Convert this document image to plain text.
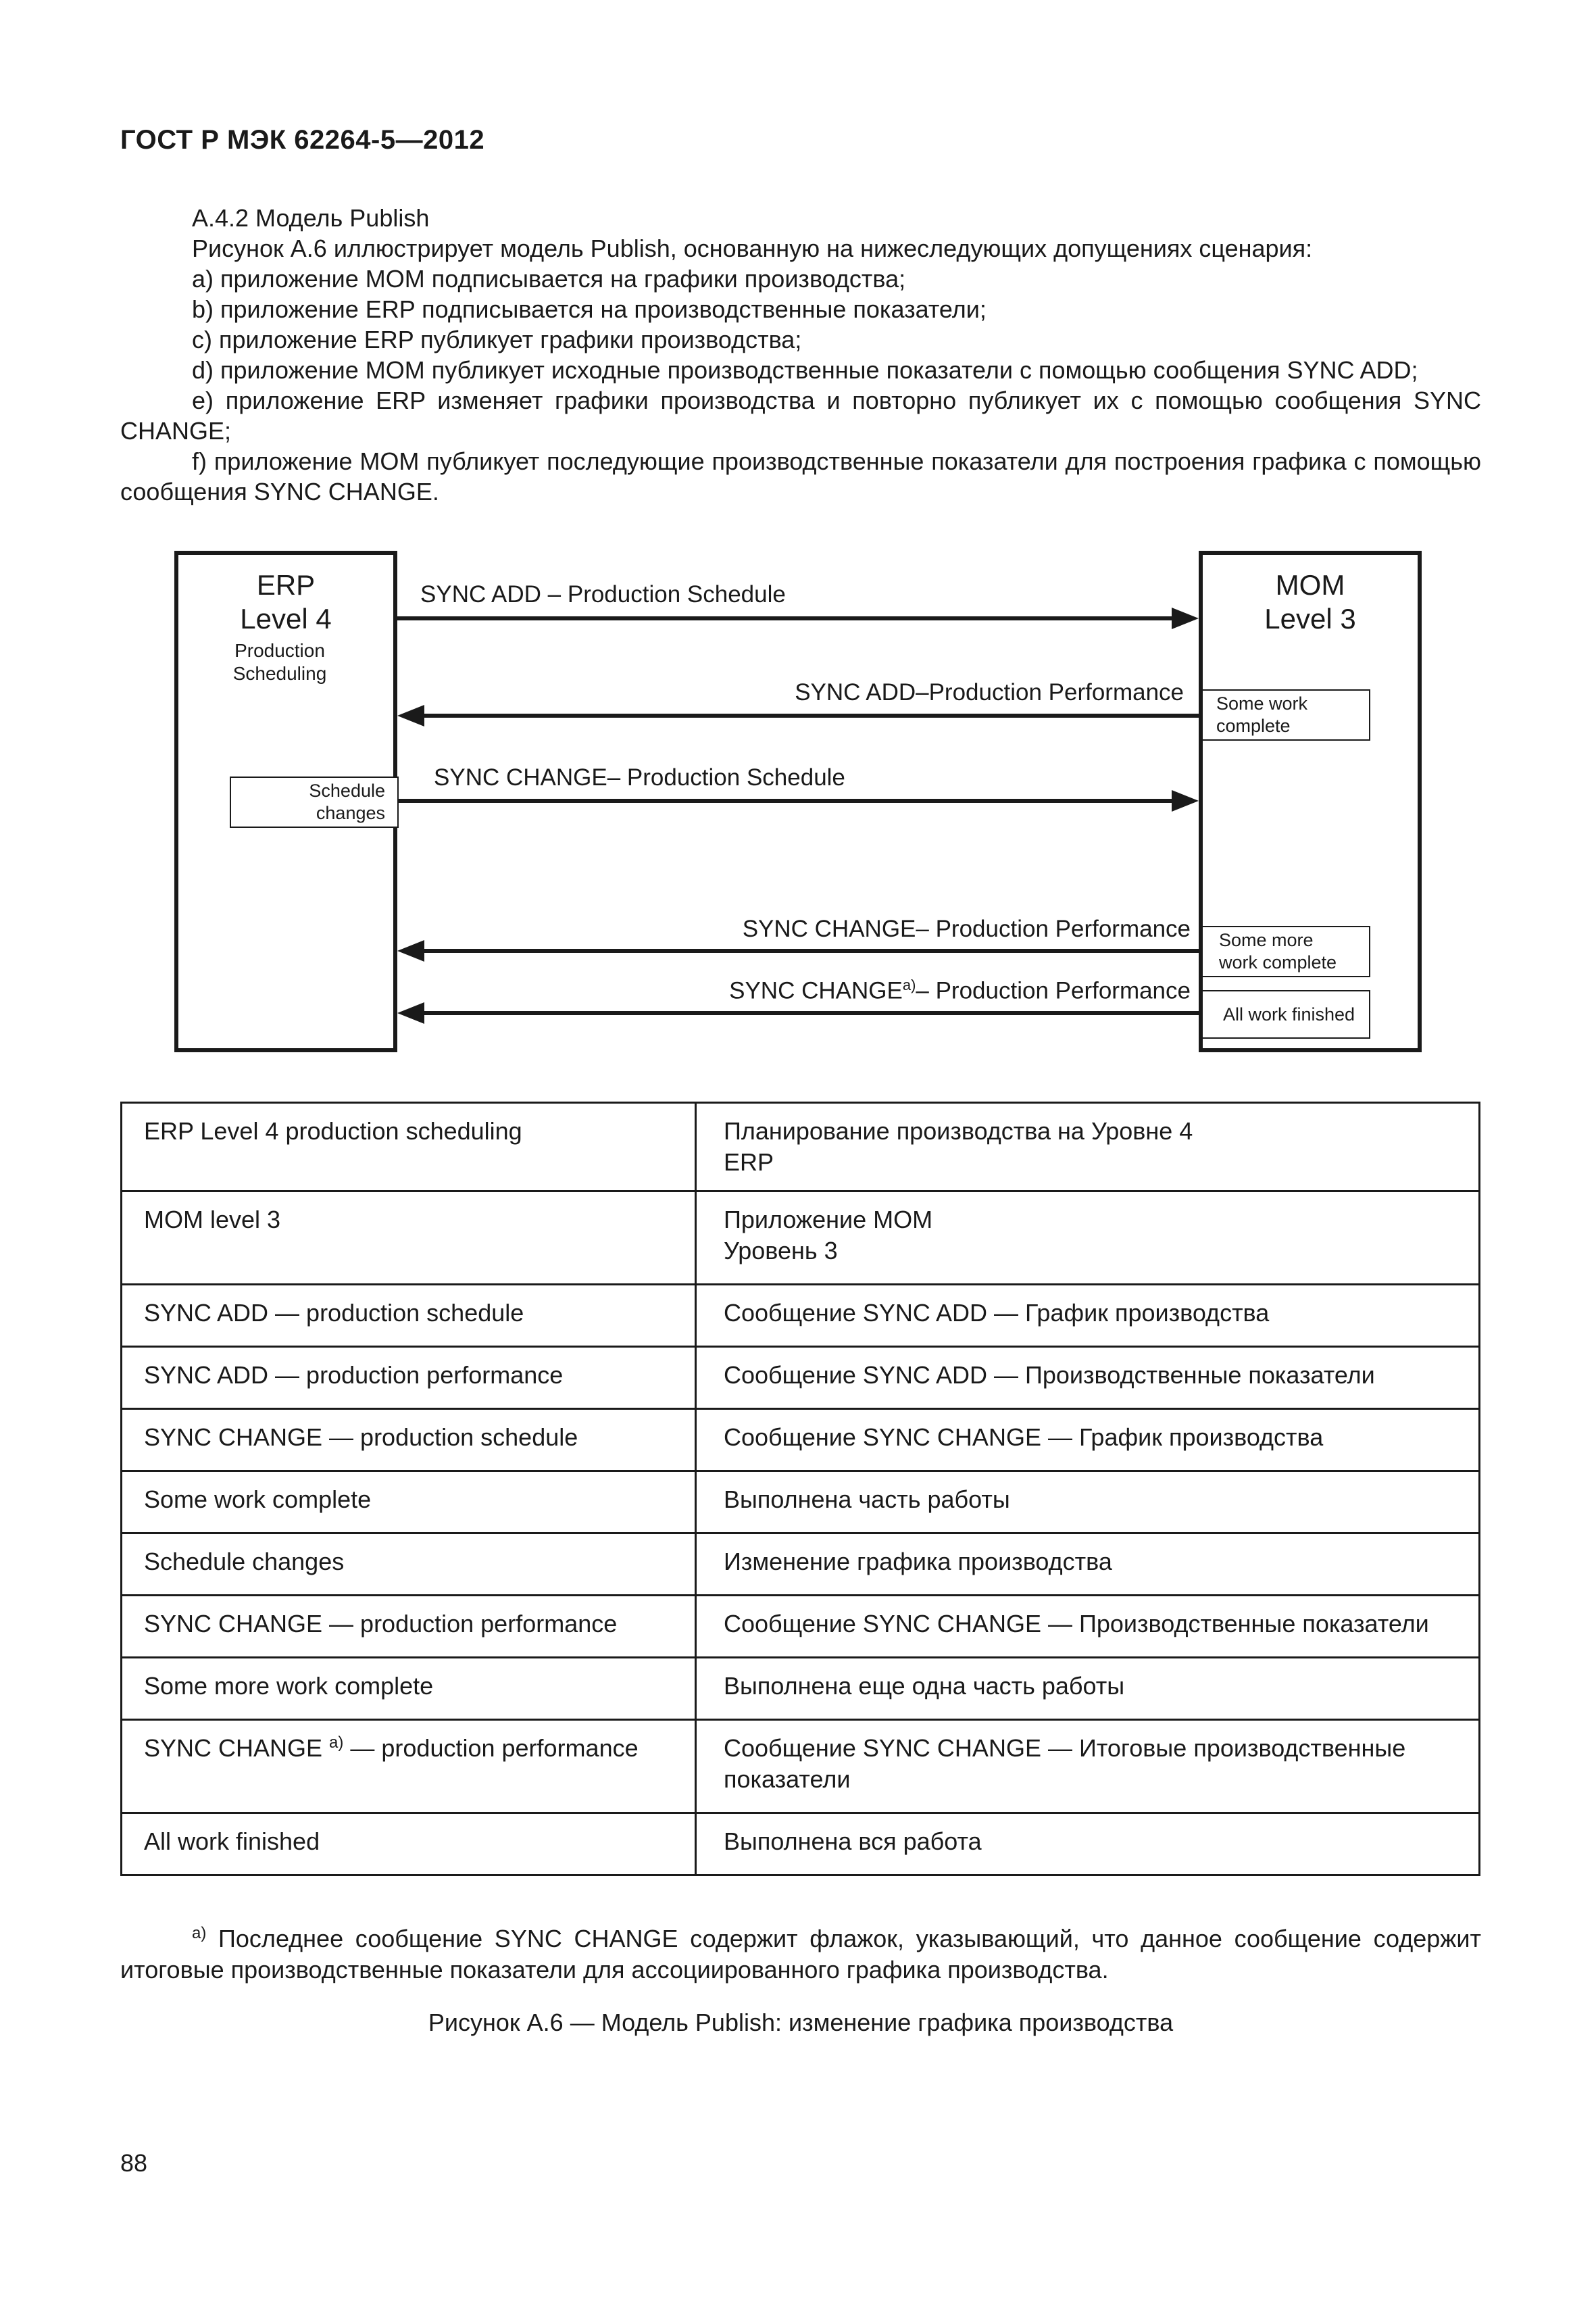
ГОСТ Р МЭК 62264-5—2012

А.4.2 Модель Publish

Рисунок А.6 иллюстрирует модель Publish, основанную на нижеследующих допущениях сценария:

а) приложение МОМ подписывается на графики производства;

b) приложение ERP подписывается на производственные показатели;

c) приложение ERP публикует графики производства;

d) приложение МОМ публикует исходные производственные показатели с помощью сообщения SYNC ADD;

е) приложение ERP изменяет графики производства и повторно публикует их с помощью сообщения SYNC CHANGE;

f) приложение МОМ публикует последующие производственные показатели для построения графика с помощью сообщения SYNC CHANGE.

ERP
Level 4
Production
Scheduling
MOM
Level 3
Schedule
changes
Some work
complete
Some more
work complete
All work finished
SYNC ADD – Production Schedule
SYNC ADD–Production Performance
SYNC CHANGE– Production Schedule
SYNC CHANGE– Production Performance
SYNC CHANGE$^{a)}$– Production Performance
ERP Level 4 production scheduling	Планирование производства на Уровне 4
ERP

MOM level 3	Приложение МОМ
Уровень 3

SYNC ADD — production schedule	Сообщение SYNC ADD — График производства
SYNC ADD — production performance	Сообщение SYNC ADD — Производственные показатели
SYNC CHANGE — production schedule	Сообщение SYNC CHANGE — График производства
Some work complete	Выполнена часть работы
Schedule changes	Изменение графика производства
SYNC CHANGE — production performance	Сообщение SYNC CHANGE — Производственные показатели
Some more work complete	Выполнена еще одна часть работы
SYNC CHANGE $^{a)}$ — production performance	Сообщение SYNC CHANGE — Итоговые производственные
показатели

All work finished	Выполнена вся работа

$^{a)}$ Последнее сообщение SYNC CHANGE содержит флажок, указывающий, что данное сообщение содержит итоговые производственные показатели для ассоциированного графика производства.

Рисунок А.6 — Модель Publish: изменение графика производства
88
